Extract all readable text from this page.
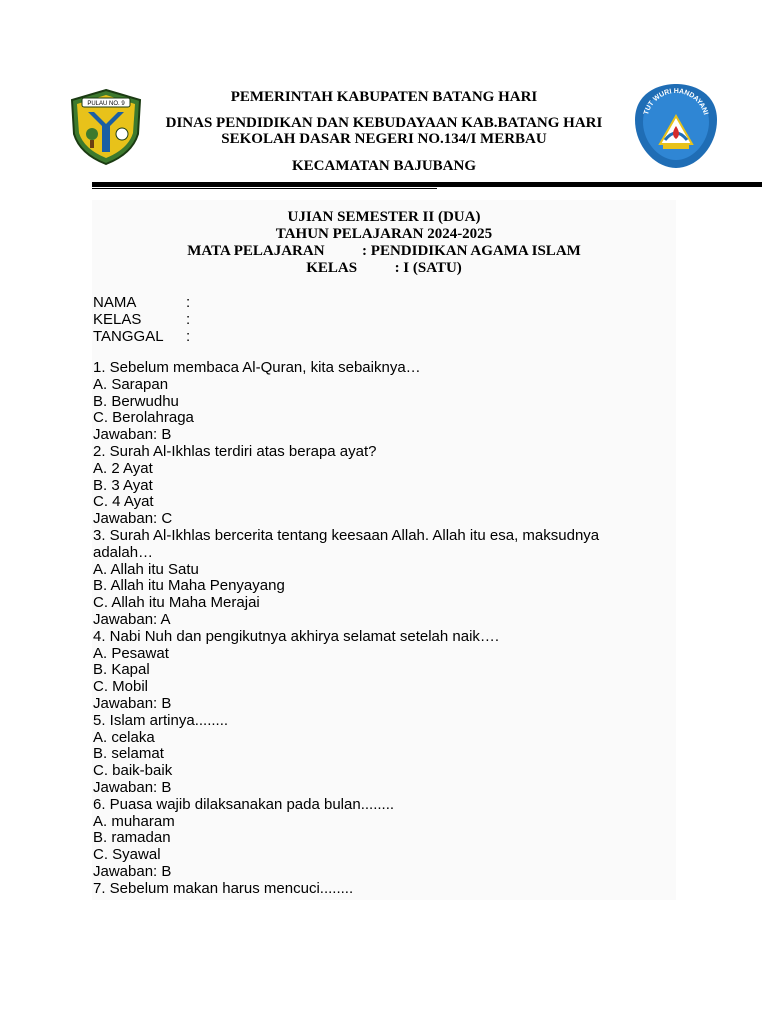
PULAU NO. 9
TUT WURI HANDAYANI
PEMERINTAH KABUPATEN BATANG HARI
DINAS PENDIDIKAN DAN KEBUDAYAAN KAB.BATANG HARI
SEKOLAH DASAR NEGERI NO.134/I MERBAU
KECAMATAN BAJUBANG
UJIAN SEMESTER II (DUA)
TAHUN PELAJARAN 2024-2025
MATA PELAJARAN	: PENDIDIKAN AGAMA ISLAM
KELAS	: I (SATU)
NAMA	:
KELAS	:
TANGGAL :
1. Sebelum membaca Al-Quran, kita sebaiknya…
A. Sarapan
B. Berwudhu
C. Berolahraga
Jawaban: B
2. Surah Al-Ikhlas terdiri atas berapa ayat?
A. 2 Ayat
B. 3 Ayat
C. 4 Ayat
Jawaban: C
3. Surah Al-Ikhlas bercerita tentang keesaan Allah. Allah itu esa, maksudnya adalah…
A. Allah itu Satu
B. Allah itu Maha Penyayang
C. Allah itu Maha Merajai
Jawaban: A
4. Nabi Nuh dan pengikutnya akhirya selamat setelah naik….
A. Pesawat
B. Kapal
C. Mobil
Jawaban: B
5. Islam artinya........
A. celaka
B. selamat
C. baik-baik
Jawaban: B
6. Puasa wajib dilaksanakan pada bulan........
A. muharam
B. ramadan
C. Syawal
Jawaban: B
7. Sebelum makan harus mencuci........
